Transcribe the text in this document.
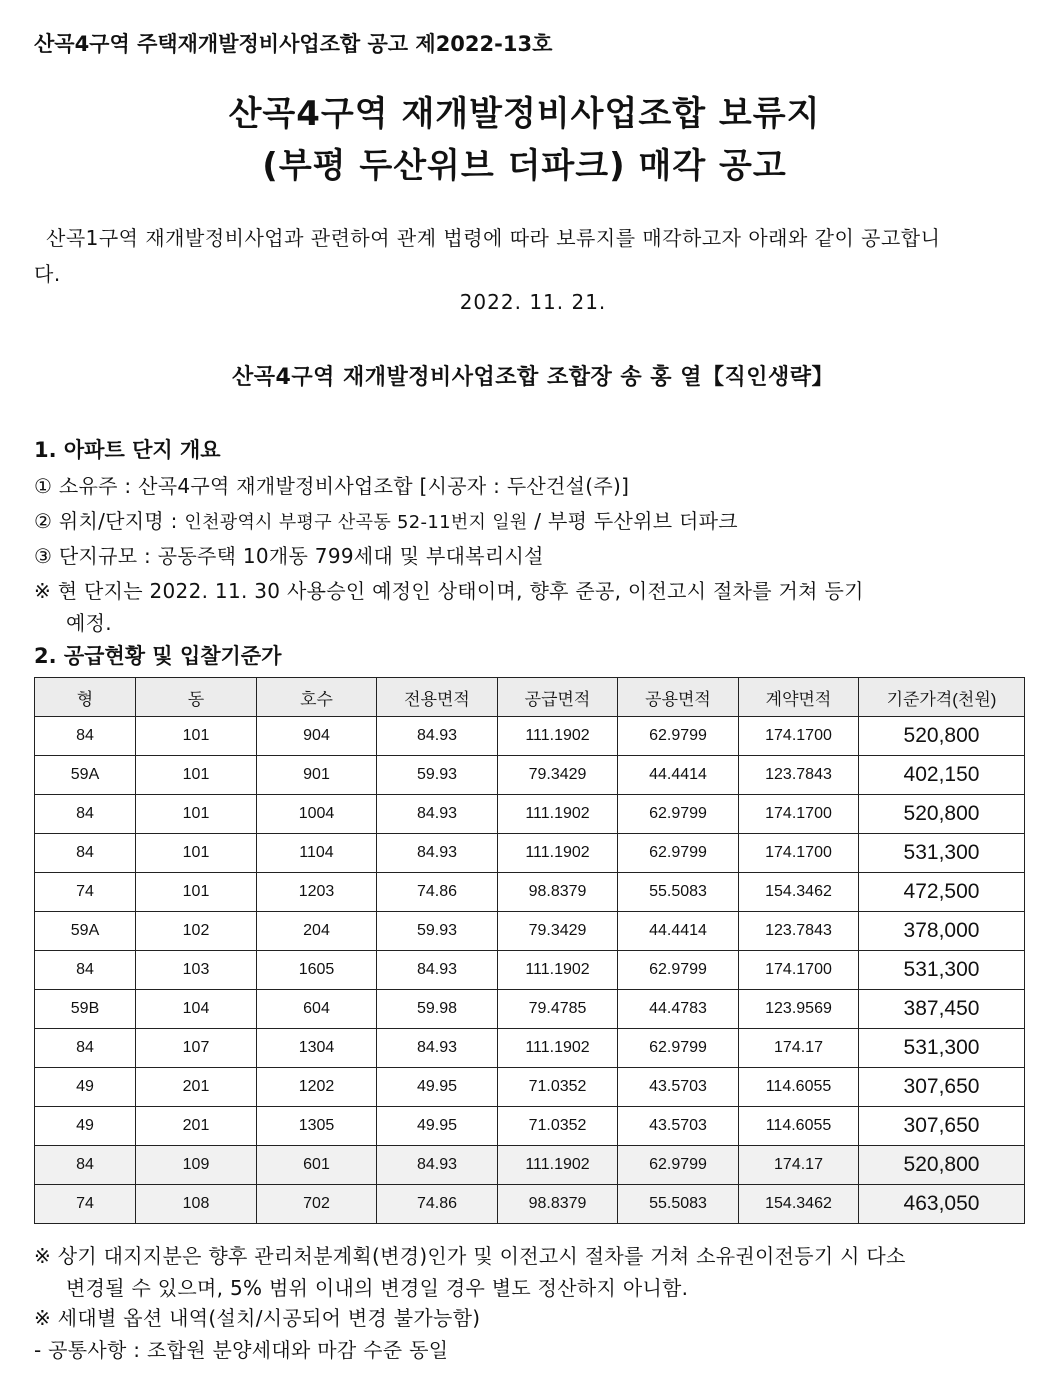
산곡4구역 주택재개발정비사업조합 공고 제2022-13호
산곡4구역 재개발정비사업조합 보류지
(부평 두산위브 더파크) 매각 공고
산곡1구역 재개발정비사업과 관련하여 관계 법령에 따라 보류지를 매각하고자 아래와 같이 공고합니다.
2022. 11. 21.
산곡4구역 재개발정비사업조합 조합장 송 홍 열【직인생략】
1. 아파트 단지 개요
① 소유주 : 산곡4구역 재개발정비사업조합 [시공자 : 두산건설(주)]
② 위치/단지명 : 인천광역시 부평구 산곡동 52-11번지 일원 / 부평 두산위브 더파크
③ 단지규모 : 공동주택 10개동 799세대 및 부대복리시설
※ 현 단지는 2022. 11. 30 사용승인 예정인 상태이며, 향후 준공, 이전고시 절차를 거쳐 등기
예정.
2. 공급현황 및 입찰기준가
형	동	호수	전용면적	공급면적	공용면적	계약면적	기준가격(천원)
84	101	904	84.93	111.1902	62.9799	174.1700	520,800
59A	101	901	59.93	79.3429	44.4414	123.7843	402,150
84	101	1004	84.93	111.1902	62.9799	174.1700	520,800
84	101	1104	84.93	111.1902	62.9799	174.1700	531,300
74	101	1203	74.86	98.8379	55.5083	154.3462	472,500
59A	102	204	59.93	79.3429	44.4414	123.7843	378,000
84	103	1605	84.93	111.1902	62.9799	174.1700	531,300
59B	104	604	59.98	79.4785	44.4783	123.9569	387,450
84	107	1304	84.93	111.1902	62.9799	174.17	531,300
49	201	1202	49.95	71.0352	43.5703	114.6055	307,650
49	201	1305	49.95	71.0352	43.5703	114.6055	307,650
84	109	601	84.93	111.1902	62.9799	174.17	520,800
74	108	702	74.86	98.8379	55.5083	154.3462	463,050
※ 상기 대지지분은 향후 관리처분계획(변경)인가 및 이전고시 절차를 거쳐 소유권이전등기 시 다소
변경될 수 있으며, 5% 범위 이내의 변경일 경우 별도 정산하지 아니함.
※ 세대별 옵션 내역(설치/시공되어 변경 불가능함)
- 공통사항 : 조합원 분양세대와 마감 수준 동일
